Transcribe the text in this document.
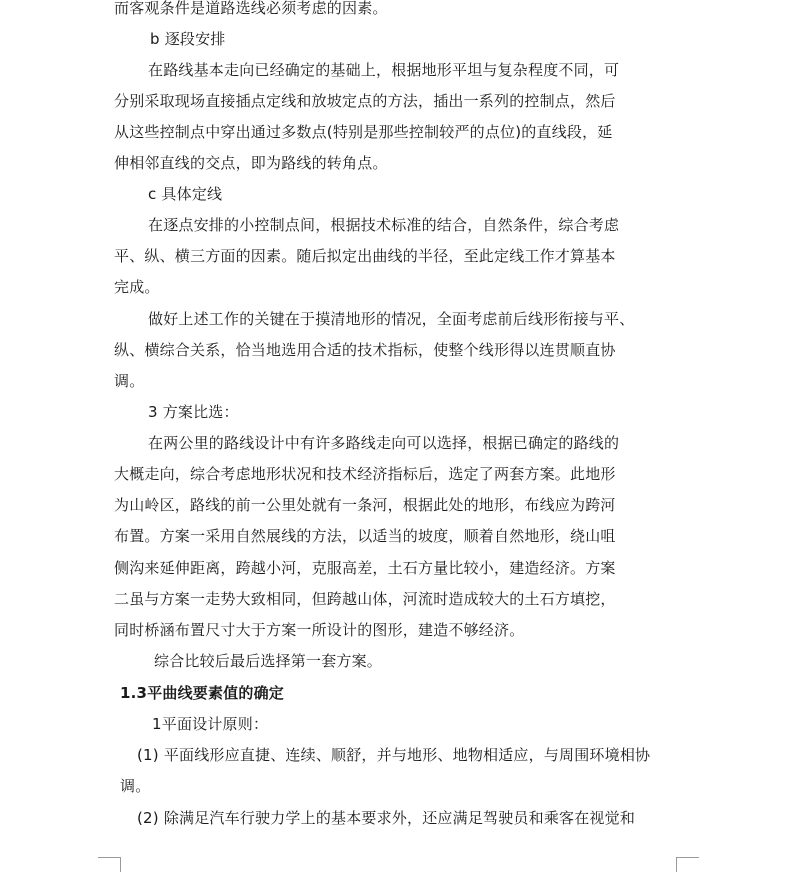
而客观条件是道路选线必须考虑的因素。
b 逐段安排
在路线基本走向已经确定的基础上，根据地形平坦与复杂程度不同，可
分别采取现场直接插点定线和放坡定点的方法，插出一系列的控制点，然后
从这些控制点中穿出通过多数点(特别是那些控制较严的点位)的直线段，延
伸相邻直线的交点，即为路线的转角点。
c 具体定线
在逐点安排的小控制点间，根据技术标准的结合，自然条件，综合考虑
平、纵、横三方面的因素。随后拟定出曲线的半径，至此定线工作才算基本
完成。
做好上述工作的关键在于摸清地形的情况，全面考虑前后线形衔接与平、
纵、横综合关系，恰当地选用合适的技术指标，使整个线形得以连贯顺直协
调。
3 方案比选：
在两公里的路线设计中有许多路线走向可以选择，根据已确定的路线的
大概走向，综合考虑地形状况和技术经济指标后，选定了两套方案。此地形
为山岭区，路线的前一公里处就有一条河，根据此处的地形，布线应为跨河
布置。方案一采用自然展线的方法，以适当的坡度，顺着自然地形，绕山咀
侧沟来延伸距离，跨越小河，克服高差，土石方量比较小，建造经济。方案
二虽与方案一走势大致相同，但跨越山体，河流时造成较大的土石方填挖，
同时桥涵布置尺寸大于方案一所设计的图形，建造不够经济。
综合比较后最后选择第一套方案。
1.3平曲线要素值的确定
1平面设计原则：
(1) 平面线形应直捷、连续、顺舒，并与地形、地物相适应，与周围环境相协
调。
(2) 除满足汽车行驶力学上的基本要求外，还应满足驾驶员和乘客在视觉和
